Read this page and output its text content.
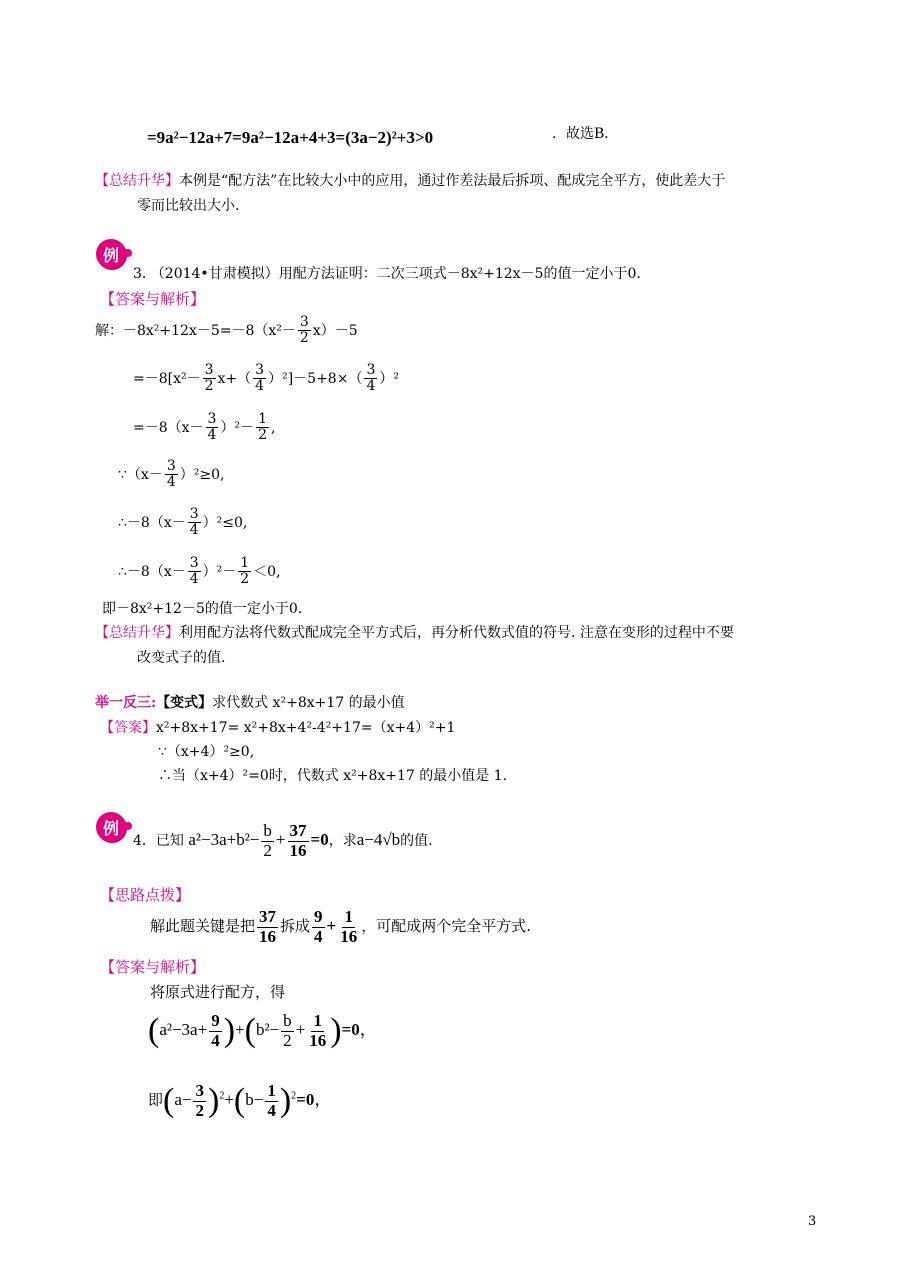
=9a²−12a+7=9a²−12a+4+3=(3a−2)²+3>0	．故选B．
【总结升华】本例是“配方法”在比较大小中的应用，通过作差法最后拆项、配成完全平方，使此差大于
零而比较出大小.
例
3. （2014•甘肃模拟）用配方法证明：二次三项式－8x²+12x－5的值一定小于0.
【答案与解析】
解：$-8x^2+12x-5=-8(x^2- \frac{3}{2} x)-5$
$=-8[x^2- \frac{3}{2} x+( \frac{3}{4} )^2]-5+8\times( \frac{3}{4} )^2$
$=-8(x- \frac{3}{4} )^2- \frac{1}{2}$ ,
∵（x－ $\frac{3}{4} )^2\ge 0$,
∴－8（x－ $\frac{3}{4} )^2\le 0$,
∴－8（x－ $\frac{3}{4} )^2- \frac{1}{2} <0$,
即－8x²+12－5的值一定小于0.
【总结升华】利用配方法将代数式配成完全平方式后，再分析代数式值的符号. 注意在变形的过程中不要
改变式子的值.
举一反三:【变式】求代数式 x²+8x+17 的最小值
【答案】x²+8x+17= x²+8x+4²-4²+17=（x+4）²+1
∵（x+4）²≥0,
∴当（x+4）²=0时，代数式 x²+8x+17 的最小值是 1.
例
4．已知 $a^2-3a+b^2- \frac{b}{2} + \frac{37}{16} =0$，求a−4√b的值.
【思路点拨】
解此题关键是把 $\frac{37}{16}$ 拆成 $\frac{9}{4} + \frac{1}{16}$ ，可配成两个完全平方式.
【答案与解析】
将原式进行配方，得
$(a^2-3a+ \frac{9}{4} )+(b^2- \frac{b}{2} + \frac{1}{16} )=0$，
即$(a- \frac{3}{2} )^2+(b- \frac{1}{4} )^2=0$，
3
